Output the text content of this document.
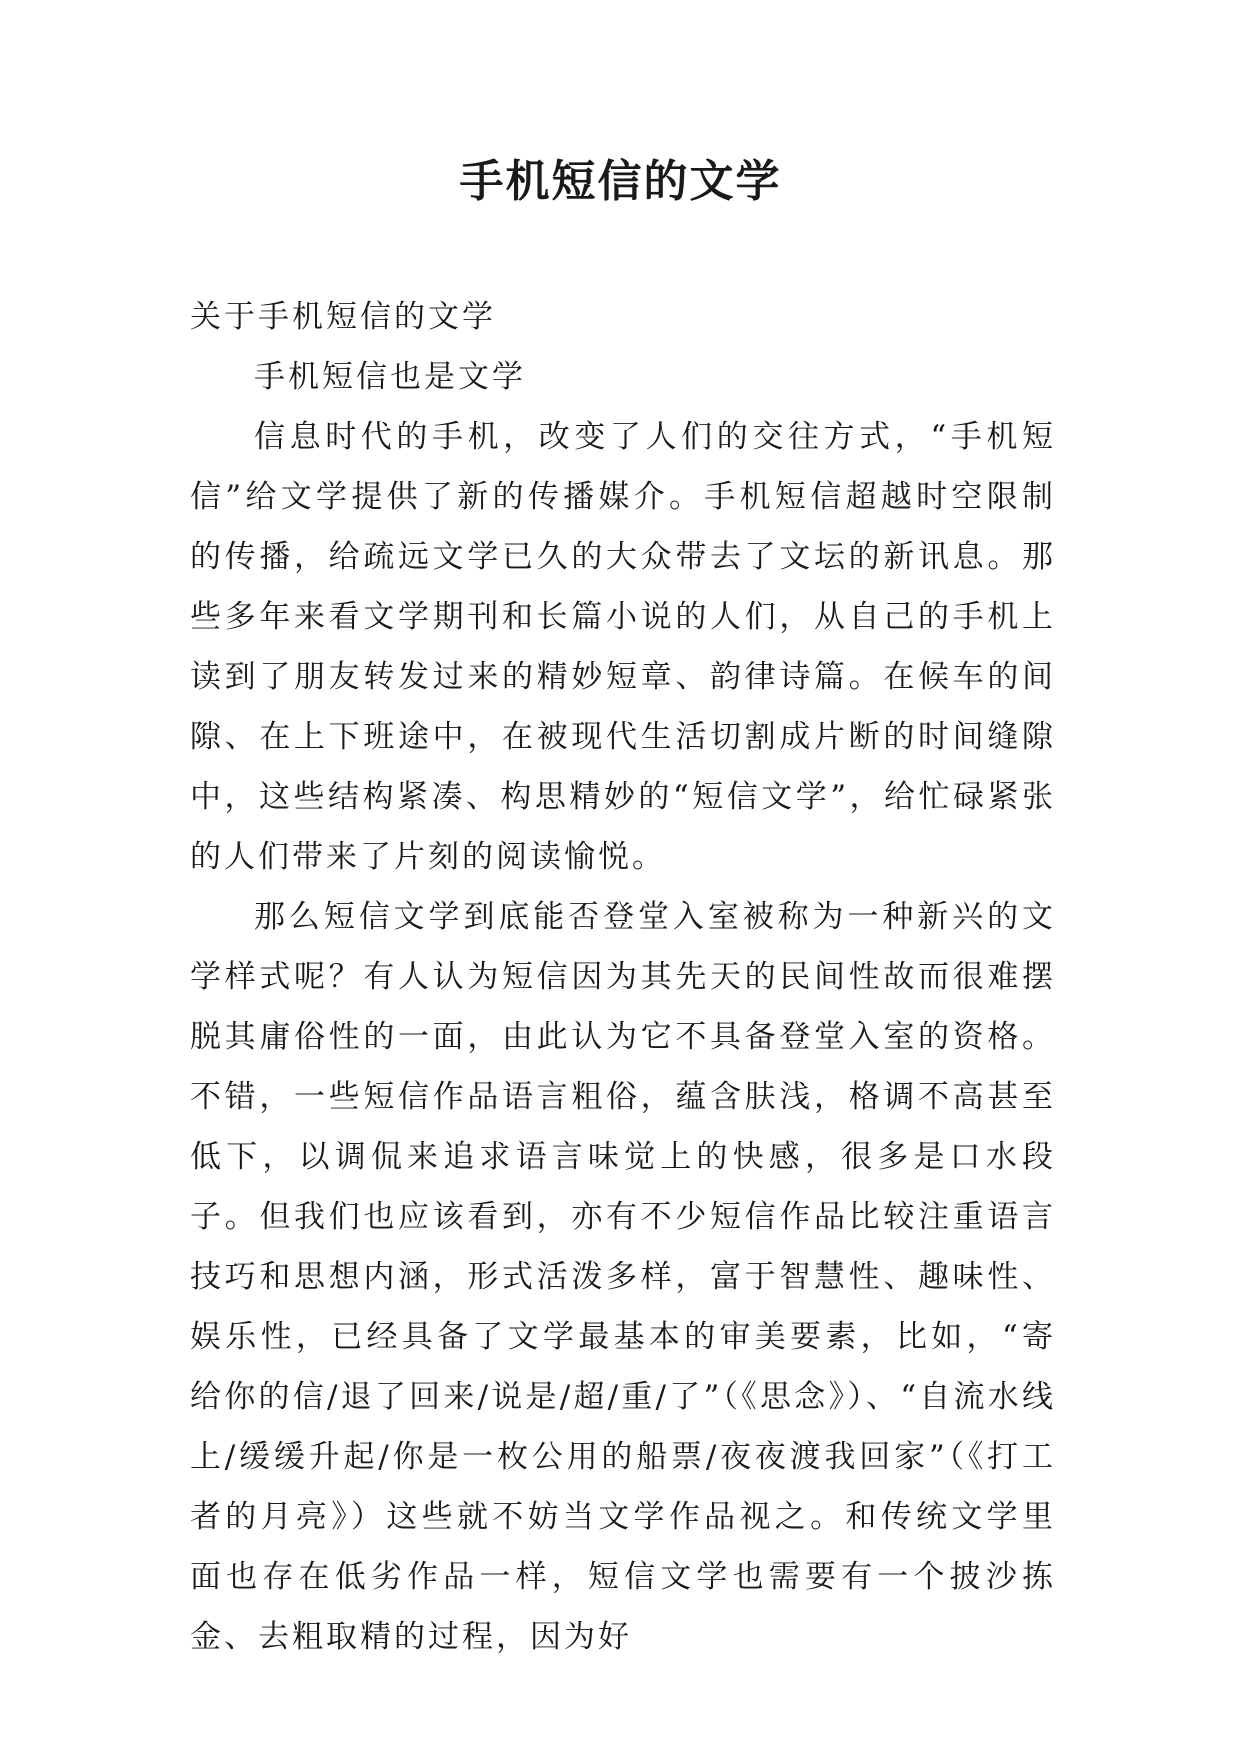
手机短信的文学

关于手机短信的文学

手机短信也是文学

信息时代的手机，改变了人们的交往方式，“手机短信”给文学提供了新的传播媒介。手机短信超越时空限制的传播，给疏远文学已久的大众带去了文坛的新讯息。那些多年来看文学期刊和长篇小说的人们，从自己的手机上读到了朋友转发过来的精妙短章、韵律诗篇。在候车的间隙、在上下班途中，在被现代生活切割成片断的时间缝隙中，这些结构紧凑、构思精妙的“短信文学”，给忙碌紧张的人们带来了片刻的阅读愉悦。

那么短信文学到底能否登堂入室被称为一种新兴的文学样式呢？有人认为短信因为其先天的民间性故而很难摆脱其庸俗性的一面，由此认为它不具备登堂入室的资格。不错，一些短信作品语言粗俗，蕴含肤浅，格调不高甚至低下，以调侃来追求语言味觉上的快感，很多是口水段子。但我们也应该看到，亦有不少短信作品比较注重语言技巧和思想内涵，形式活泼多样，富于智慧性、趣味性、娱乐性，已经具备了文学最基本的审美要素，比如，“寄给你的信/退了回来/说是/超/重/了”（《思念》）、“自流水线上/缓缓升起/你是一枚公用的船票/夜夜渡我回家”（《打工者的月亮》）这些就不妨当文学作品视之。和传统文学里面也存在低劣作品一样，短信文学也需要有一个披沙拣金、去粗取精的过程，因为好
